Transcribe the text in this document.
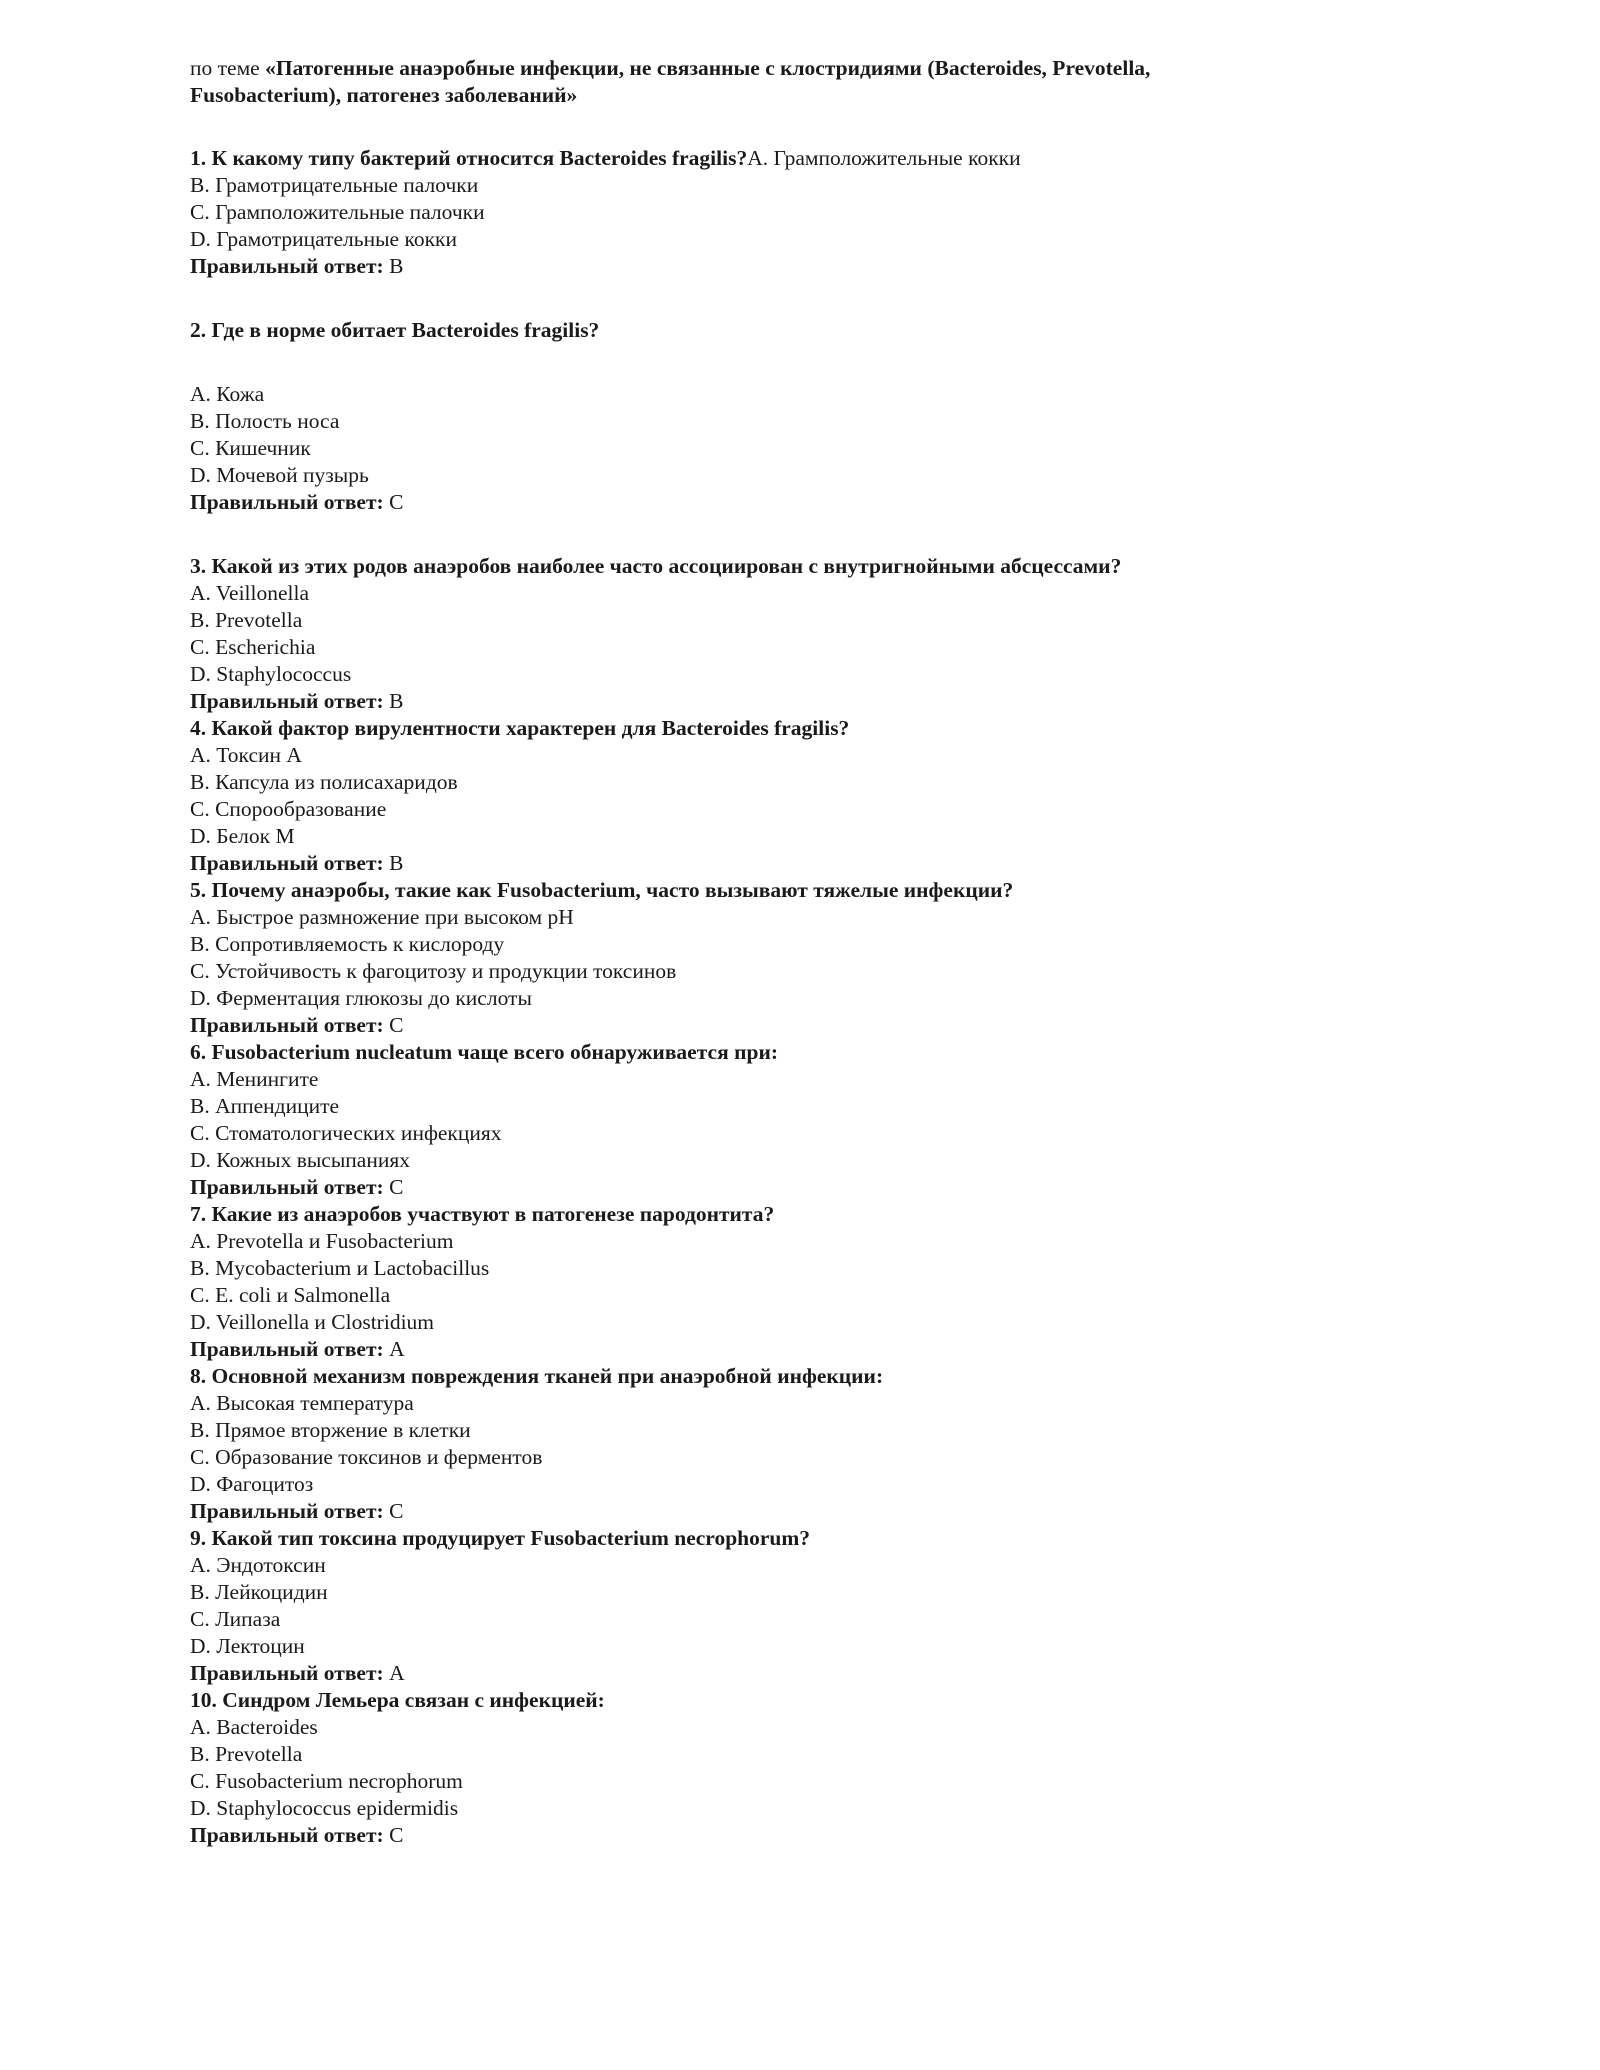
по теме «Патогенные анаэробные инфекции, не связанные с клостридиями (Bacteroides, Prevotella,
Fusobacterium), патогенез заболеваний»
1. К какому типу бактерий относится Bacteroides fragilis?A. Грамположительные кокки
B. Грамотрицательные палочки
C. Грамположительные палочки
D. Грамотрицательные кокки
Правильный ответ: B
2. Где в норме обитает Bacteroides fragilis?
A. Кожа
B. Полость носа
C. Кишечник
D. Мочевой пузырь
Правильный ответ: C
3. Какой из этих родов анаэробов наиболее часто ассоциирован с внутригнойными абсцессами?
A. Veillonella
B. Prevotella
C. Escherichia
D. Staphylococcus
Правильный ответ: B
4. Какой фактор вирулентности характерен для Bacteroides fragilis?
A. Токсин A
B. Капсула из полисахаридов
C. Спорообразование
D. Белок M
Правильный ответ: B
5. Почему анаэробы, такие как Fusobacterium, часто вызывают тяжелые инфекции?
A. Быстрое размножение при высоком pH
B. Сопротивляемость к кислороду
C. Устойчивость к фагоцитозу и продукции токсинов
D. Ферментация глюкозы до кислоты
Правильный ответ: C
6. Fusobacterium nucleatum чаще всего обнаруживается при:
A. Менингите
B. Аппендиците
C. Стоматологических инфекциях
D. Кожных высыпаниях
Правильный ответ: C
7. Какие из анаэробов участвуют в патогенезе пародонтита?
A. Prevotella и Fusobacterium
B. Mycobacterium и Lactobacillus
C. E. coli и Salmonella
D. Veillonella и Clostridium
Правильный ответ: A
8. Основной механизм повреждения тканей при анаэробной инфекции:
A. Высокая температура
B. Прямое вторжение в клетки
C. Образование токсинов и ферментов
D. Фагоцитоз
Правильный ответ: C
9. Какой тип токсина продуцирует Fusobacterium necrophorum?
A. Эндотоксин
B. Лейкоцидин
C. Липаза
D. Лектоцин
Правильный ответ: A
10. Синдром Лемьера связан с инфекцией:
A. Bacteroides
B. Prevotella
C. Fusobacterium necrophorum
D. Staphylococcus epidermidis
Правильный ответ: C
